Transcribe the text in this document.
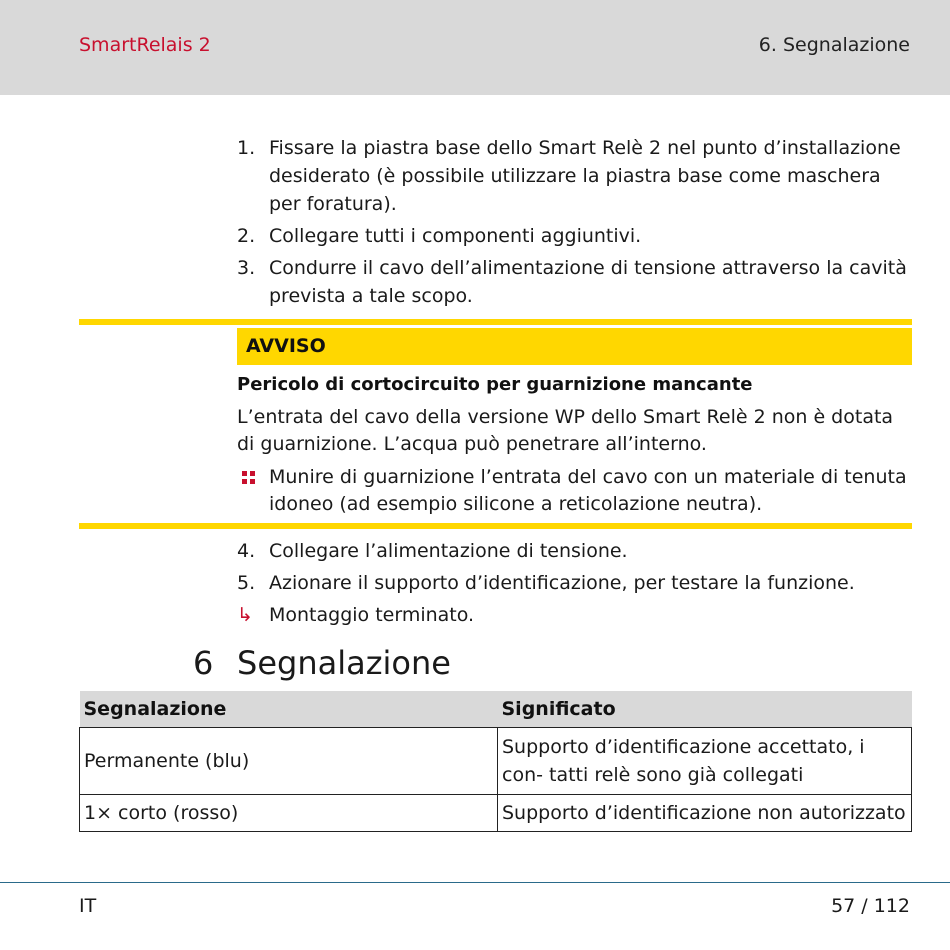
SmartRelais 2	6. Segnalazione
1. Fissare la piastra base dello Smart Relè 2 nel punto d’installazione desiderato (è possibile utilizzare la piastra base come maschera per foratura).
2. Collegare tutti i componenti aggiuntivi.
3. Condurre il cavo dell’alimentazione di tensione attraverso la cavità prevista a tale scopo.
AVVISO
Pericolo di cortocircuito per guarnizione mancante
L’entrata del cavo della versione WP dello Smart Relè 2 non è dotata di guarnizione. L’acqua può penetrare all’interno.
Munire di guarnizione l’entrata del cavo con un materiale di tenuta idoneo (ad esempio silicone a reticolazione neutra).
4. Collegare l’alimentazione di tensione.
5. Azionare il supporto d’identificazione, per testare la funzione.
↳ Montaggio terminato.
6 Segnalazione
Segnalazione	Significato
Permanente (blu)	Supporto d’identificazione accettato, i con- tatti relè sono già collegati
1× corto (rosso)	Supporto d’identificazione non autorizzato
IT	57 / 112
